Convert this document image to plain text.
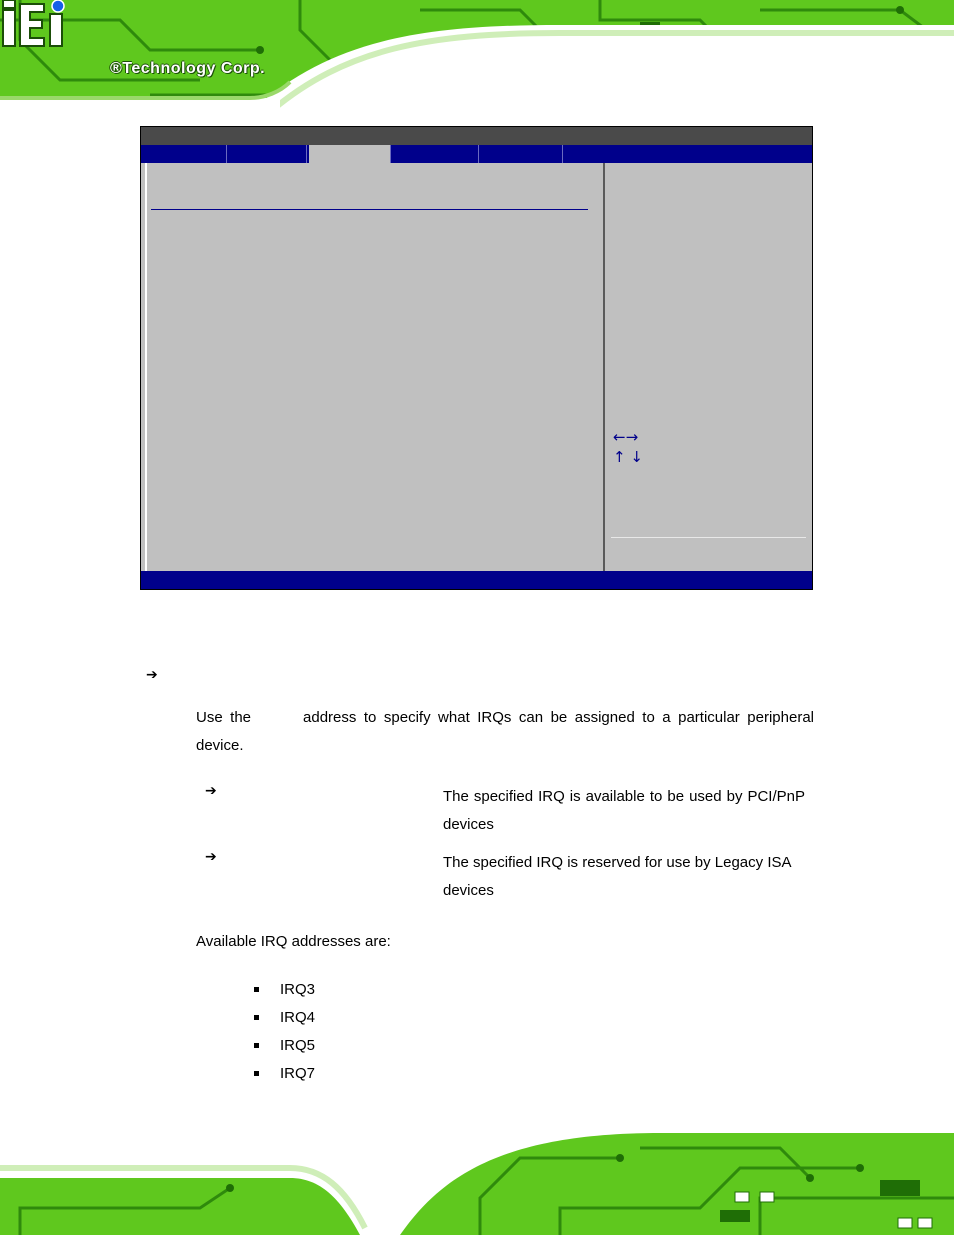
®Technology Corp.
←→
↑ ↓
➔
Use the	address to specify what IRQs can be assigned to a particular peripheral device.
➔	The specified IRQ is available to be used by PCI/PnP devices
➔	The specified IRQ is reserved for use by Legacy ISA devices
Available IRQ addresses are:
IRQ3
IRQ4
IRQ5
IRQ7
